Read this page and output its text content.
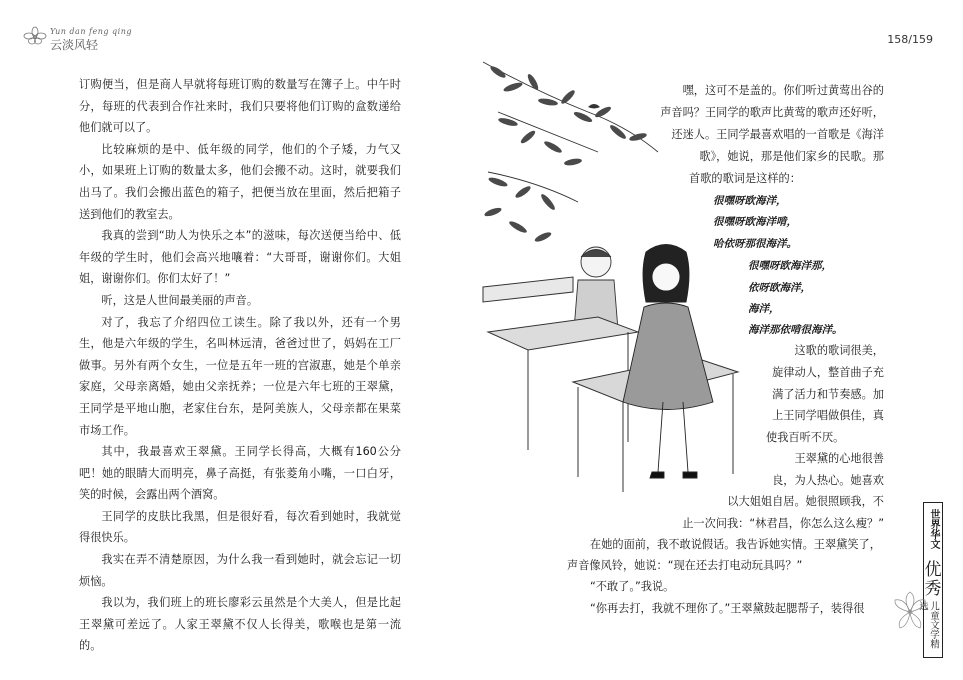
Yun dan feng qing
云淡风轻	158/159

订购便当，但是商人早就将每班订购的数量写在簿子上。中午时分，每班的代表到合作社来时，我们只要将他们订购的盒数递给他们就可以了。

比较麻烦的是中、低年级的同学，他们的个子矮，力气又小，如果班上订购的数量太多，他们会搬不动。这时，就要我们出马了。我们会搬出蓝色的箱子，把便当放在里面，然后把箱子送到他们的教室去。

我真的尝到“助人为快乐之本”的滋味，每次送便当给中、低年级的学生时，他们会高兴地嚷着：“大哥哥，谢谢你们。大姐姐，谢谢你们。你们太好了！”

听，这是人世间最美丽的声音。

对了，我忘了介绍四位工读生。除了我以外，还有一个男生，他是六年级的学生，名叫林远清，爸爸过世了，妈妈在工厂做事。另外有两个女生，一位是五年一班的宫淑惠，她是个单亲家庭，父母亲离婚，她由父亲抚养；一位是六年七班的王翠黛，王同学是平地山胞，老家住台东，是阿美族人，父母亲都在果菜市场工作。

其中，我最喜欢王翠黛。王同学长得高，大概有160公分吧！她的眼睛大而明亮，鼻子高挺，有张菱角小嘴，一口白牙，笑的时候，会露出两个酒窝。

王同学的皮肤比我黑，但是很好看，每次看到她时，我就觉得很快乐。

我实在弄不清楚原因，为什么我一看到她时，就会忘记一切烦恼。

我以为，我们班上的班长廖彩云虽然是个大美人，但是比起王翠黛可差远了。人家王翠黛不仅人长得美，歌喉也是第一流的。

嘿，这可不是盖的。你们听过黄莺出谷的
声音吗？王同学的歌声比黄莺的歌声还好听，
还迷人。王同学最喜欢唱的一首歌是《海洋
歌》，她说，那是他们家乡的民歌。那
首歌的歌词是这样的：
很嘿呀欧海洋，
很嘿呀欧海洋啃，
哈依呀那很海洋。
很嘿呀欧海洋那，
依呀欧海洋，
海洋，
海洋那依啃很海洋。
这歌的歌词很美，
旋律动人，整首曲子充
满了活力和节奏感。加
上王同学唱做俱佳，真
使我百听不厌。
王翠黛的心地很善
良，为人热心。她喜欢
以大姐姐自居。她很照顾我，不
止一次问我：“林君昌，你怎么这么瘦？”
在她的面前，我不敢说假话。我告诉她实情。王翠黛笑了，
声音像风铃，她说：“现在还去打电动玩具吗？”
“不敢了。”我说。
“你再去打，我就不理你了。”王翠黛鼓起腮帮子，装得很
世界华文
优秀
儿童文学精选
